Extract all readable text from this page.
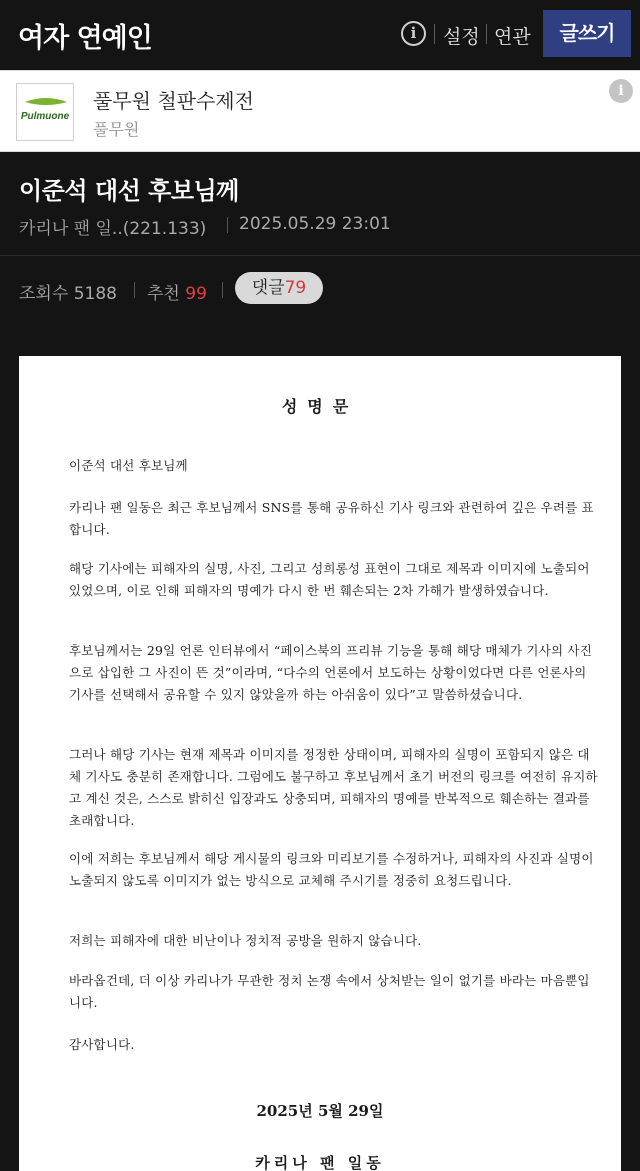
여자 연예인	i	설정 연관	글쓰기
Pulmuone
풀무원 철판수제전
풀무원
i
이준석 대선 후보님께
카리나 팬 일..(221.133) 2025.05.29 23:01
조회수 5188 추천 99	댓글79
성명문
이준석 대선 후보님께
카리나 팬 일동은 최근 후보님께서 SNS를 통해 공유하신 기사 링크와 관련하여 깊은 우려를 표합니다.
해당 기사에는 피해자의 실명, 사진, 그리고 성희롱성 표현이 그대로 제목과 이미지에 노출되어 있었으며, 이로 인해 피해자의 명예가 다시 한 번 훼손되는 2차 가해가 발생하였습니다.
후보님께서는 29일 언론 인터뷰에서 “페이스북의 프리뷰 기능을 통해 해당 매체가 기사의 사진으로 삽입한 그 사진이 뜬 것”이라며, “다수의 언론에서 보도하는 상황이었다면 다른 언론사의 기사를 선택해서 공유할 수 있지 않았을까 하는 아쉬움이 있다”고 말씀하셨습니다.
그러나 해당 기사는 현재 제목과 이미지를 정정한 상태이며, 피해자의 실명이 포함되지 않은 대체 기사도 충분히 존재합니다. 그럼에도 불구하고 후보님께서 초기 버전의 링크를 여전히 유지하고 계신 것은, 스스로 밝히신 입장과도 상충되며, 피해자의 명예를 반복적으로 훼손하는 결과를 초래합니다.
이에 저희는 후보님께서 해당 게시물의 링크와 미리보기를 수정하거나, 피해자의 사진과 실명이 노출되지 않도록 이미지가 없는 방식으로 교체해 주시기를 정중히 요청드립니다.
저희는 피해자에 대한 비난이나 정치적 공방을 원하지 않습니다.
바라옵건데, 더 이상 카리나가 무관한 정치 논쟁 속에서 상처받는 일이 없기를 바라는 마음뿐입니다.
감사합니다.
2025년 5월 29일
카리나 팬 일동
